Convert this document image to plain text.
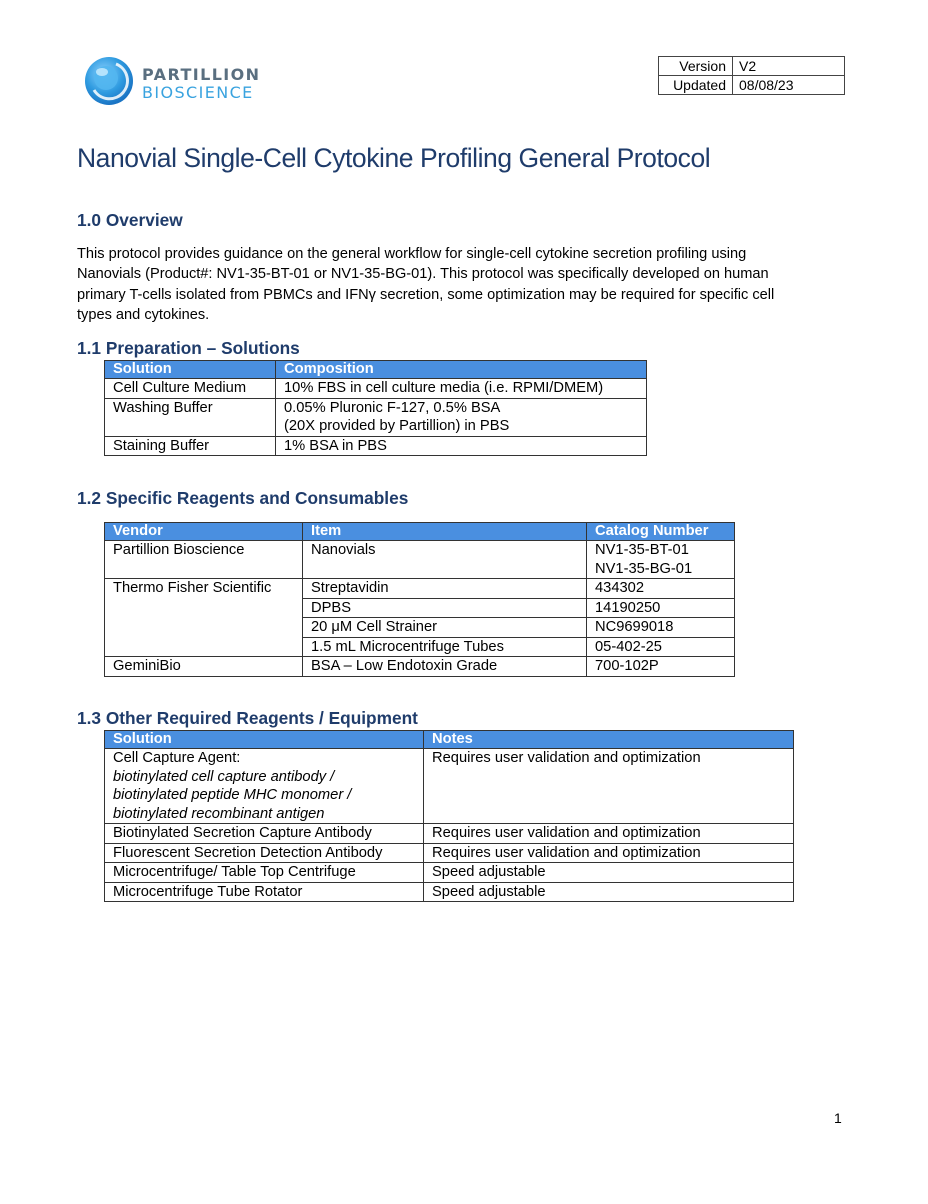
PARTILLION
BIOSCIENCE
Version	V2
Updated	08/08/23
Nanovial Single-Cell Cytokine Profiling General Protocol
1.0 Overview
This protocol provides guidance on the general workflow for single-cell cytokine secretion profiling using
Nanovials (Product#: NV1-35-BT-01 or NV1-35-BG-01). This protocol was specifically developed on human
primary T-cells isolated from PBMCs and IFNγ secretion, some optimization may be required for specific cell
types and cytokines.
1.1 Preparation – Solutions
Solution	Composition
Cell Culture Medium	10% FBS in cell culture media (i.e. RPMI/DMEM)

Washing Buffer	0.05% Pluronic F-127, 0.5% BSA
(20X provided by Partillion) in PBS

Staining Buffer	1% BSA in PBS
1.2 Specific Reagents and Consumables
Vendor	Item	Catalog Number
Partillion Bioscience	Nanovials	NV1-35-BT-01
NV1-35-BG-01

Thermo Fisher Scientific	Streptavidin	434302
	DPBS	14190250
	20 μM Cell Strainer	NC9699018
	1.5 mL Microcentrifuge Tubes	05-402-25
GeminiBio	BSA – Low Endotoxin Grade	700-102P
1.3 Other Required Reagents / Equipment
Solution	Notes

Cell Capture Agent:
biotinylated cell capture antibody /
biotinylated peptide MHC monomer /
biotinylated recombinant antigen	Requires user validation and optimization
Biotinylated Secretion Capture Antibody	Requires user validation and optimization
Fluorescent Secretion Detection Antibody	Requires user validation and optimization
Microcentrifuge/ Table Top Centrifuge	Speed adjustable
Microcentrifuge Tube Rotator	Speed adjustable
1
